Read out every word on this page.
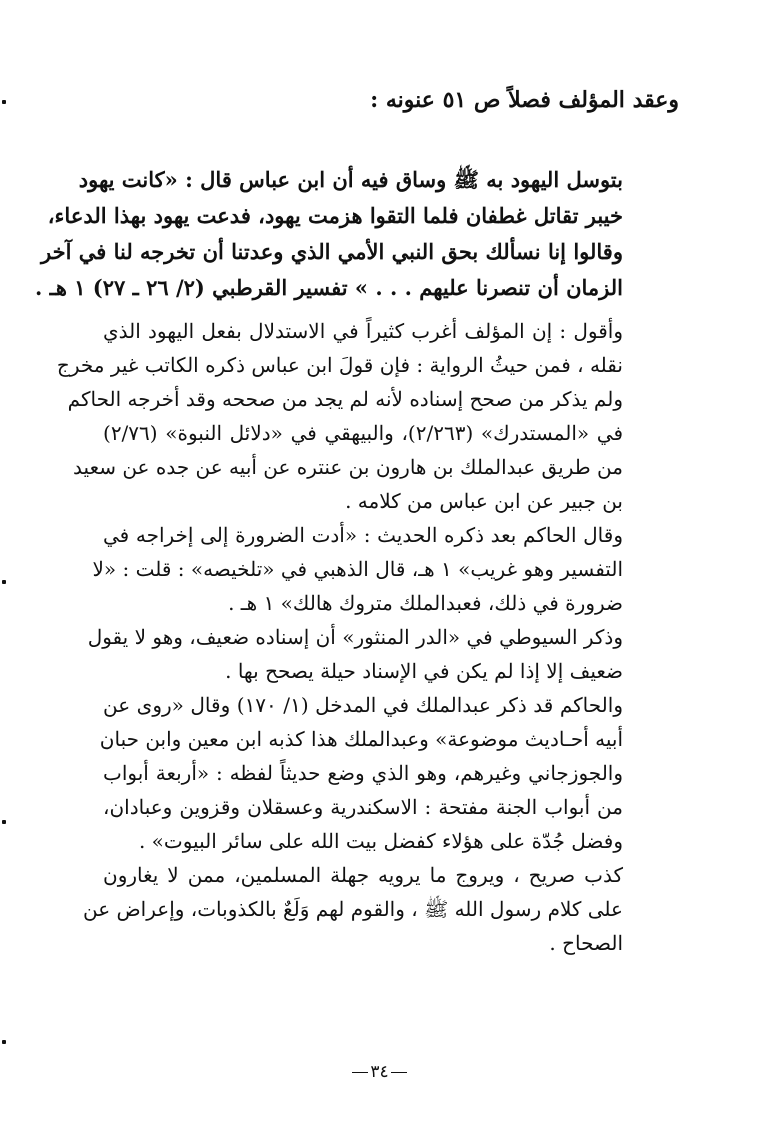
وعقد المؤلف فصلاً ص ٥١ عنونه :
بتوسل اليهود به ﷺ وساق فيه أن ابن عباس قال : «كانت يهود
خيبر تقاتل غطفان فلما التقوا هزمت يهود، فدعت يهود بهذا الدعاء،
وقالوا إنا نسألك بحق النبي الأمي الذي وعدتنا أن تخرجه لنا في آخر
الزمان أن تنصرنا عليهم . . . » تفسير القرطبي (٢/ ٢٦ ـ ٢٧) ١ هـ .
وأقول : إن المؤلف أغرب كثيراً في الاستدلال بفعل اليهود الذي
نقله ، فمن حيثُ الرواية : فإن قولَ ابن عباس ذكره الكاتب غير مخرج
ولم يذكر من صحح إسناده لأنه لم يجد من صححه وقد أخرجه الحاكم
في «المستدرك» (٢/٢٦٣)، والبيهقي في «دلائل النبوة» (٢/٧٦)
من طريق عبدالملك بن هارون بن عنتره عن أبيه عن جده عن سعيد
بن جبير عن ابن عباس من كلامه .
وقال الحاكم بعد ذكره الحديث : «أدت الضرورة إلى إخراجه في
التفسير وهو غريب» ١ هـ، قال الذهبي في «تلخيصه» : قلت : «لا
ضرورة في ذلك، فعبدالملك متروك هالك» ١ هـ .
وذكر السيوطي في «الدر المنثور» أن إسناده ضعيف، وهو لا يقول
ضعيف إلا إذا لم يكن في الإسناد حيلة يصحح بها .
والحاكم قد ذكر عبدالملك في المدخل (١/ ١٧٠) وقال «روى عن
أبيه أحـاديث موضوعة» وعبدالملك هذا كذبه ابن معين وابن حبان
والجوزجاني وغيرهم، وهو الذي وضع حديثاً لفظه : «أربعة أبواب
من أبواب الجنة مفتحة : الاسكندرية وعسقلان وقزوين وعبادان،
وفضل جُدّة على هؤلاء كفضل بيت الله على سائر البيوت» .
كذب صريح ، ويروج ما يرويه جهلة المسلمين، ممن لا يغارون
على كلام رسول الله ﷺ ، والقوم لهم وَلَعٌ بالكذوبات، وإعراض عن
الصحاح .
٣٤
